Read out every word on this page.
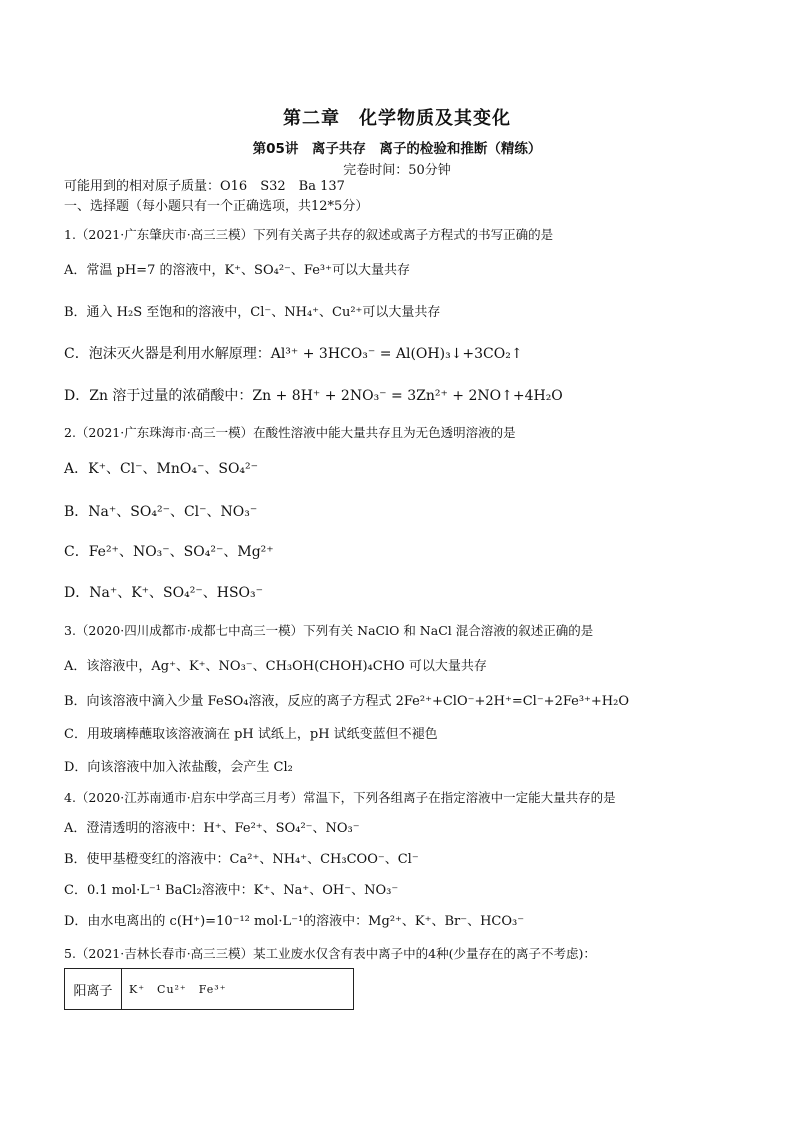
第二章　化学物质及其变化
第05讲　离子共存　离子的检验和推断（精练）
完卷时间：50分钟
可能用到的相对原子质量：O16　S32　Ba 137
一、选择题（每小题只有一个正确选项，共12*5分）
1.（2021·广东肇庆市·高三三模）下列有关离子共存的叙述或离子方程式的书写正确的是
A．常温 pH=7 的溶液中，K⁺、SO₄²⁻、Fe³⁺可以大量共存
B．通入 H₂S 至饱和的溶液中，Cl⁻、NH₄⁺、Cu²⁺可以大量共存
C．泡沫灭火器是利用水解原理：Al³⁺ + 3HCO₃⁻ = Al(OH)₃↓+3CO₂↑
D．Zn 溶于过量的浓硝酸中：Zn + 8H⁺ + 2NO₃⁻ = 3Zn²⁺ + 2NO↑+4H₂O
2.（2021·广东珠海市·高三一模）在酸性溶液中能大量共存且为无色透明溶液的是
A．K⁺、Cl⁻、MnO₄⁻、SO₄²⁻
B．Na⁺、SO₄²⁻、Cl⁻、NO₃⁻
C．Fe²⁺、NO₃⁻、SO₄²⁻、Mg²⁺
D．Na⁺、K⁺、SO₄²⁻、HSO₃⁻
3.（2020·四川成都市·成都七中高三一模）下列有关 NaClO 和 NaCl 混合溶液的叙述正确的是
A．该溶液中，Ag⁺、K⁺、NO₃⁻、CH₃OH(CHOH)₄CHO 可以大量共存
B．向该溶液中滴入少量 FeSO₄溶液，反应的离子方程式 2Fe²⁺+ClO⁻+2H⁺=Cl⁻+2Fe³⁺+H₂O
C．用玻璃棒蘸取该溶液滴在 pH 试纸上，pH 试纸变蓝但不褪色
D．向该溶液中加入浓盐酸，会产生 Cl₂
4.（2020·江苏南通市·启东中学高三月考）常温下，下列各组离子在指定溶液中一定能大量共存的是
A．澄清透明的溶液中：H⁺、Fe²⁺、SO₄²⁻、NO₃⁻
B．使甲基橙变红的溶液中：Ca²⁺、NH₄⁺、CH₃COO⁻、Cl⁻
C．0.1 mol·L⁻¹ BaCl₂溶液中：K⁺、Na⁺、OH⁻、NO₃⁻
D．由水电离出的 c(H⁺)=10⁻¹² mol·L⁻¹的溶液中：Mg²⁺、K⁺、Br⁻、HCO₃⁻
5.（2021·吉林长春市·高三三模）某工业废水仅含有表中离子中的4种(少量存在的离子不考虑)：
阳离子	K⁺　Cu²⁺　Fe³⁺
